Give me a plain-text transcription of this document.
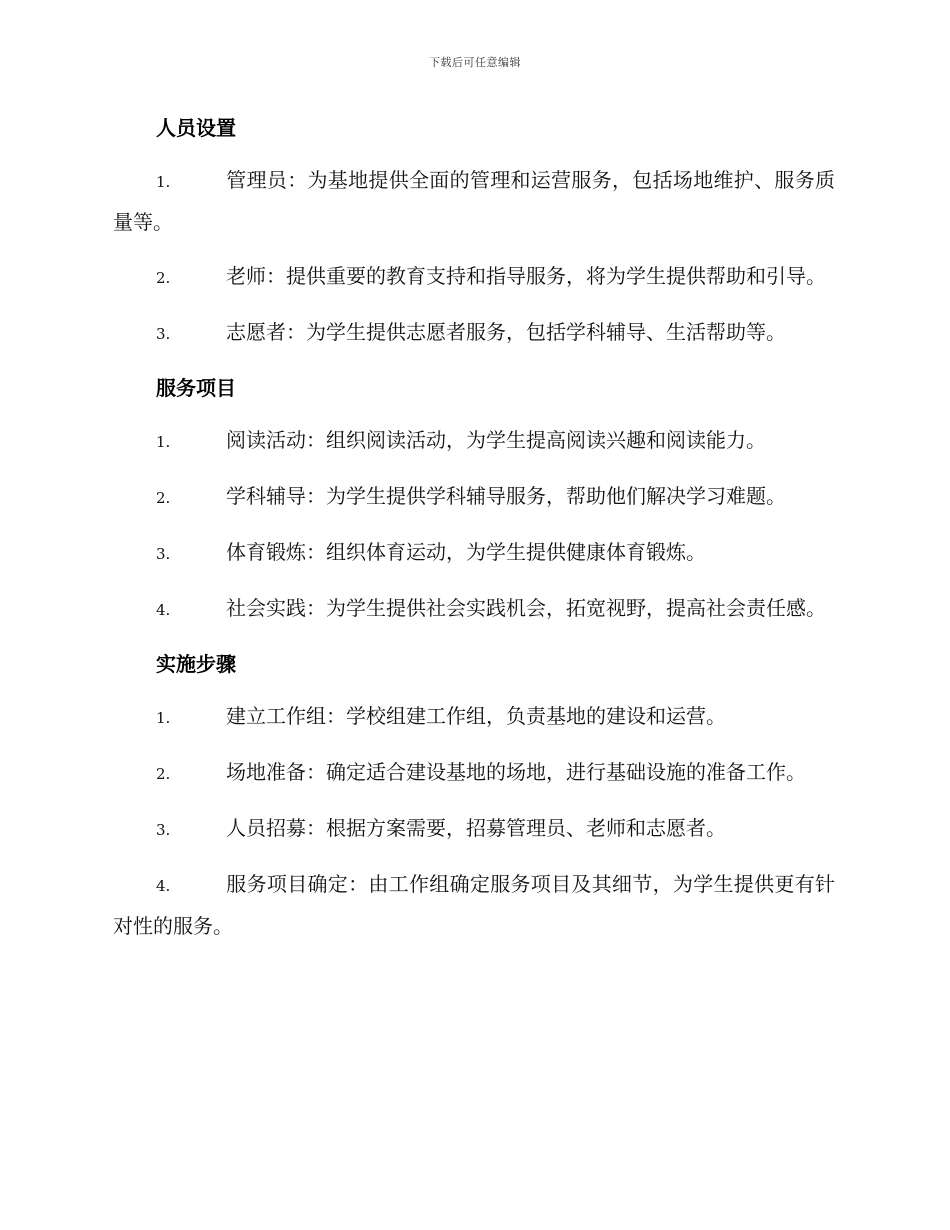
下载后可任意编辑
人员设置

1.	管理员：为基地提供全面的管理和运营服务，包括场地维护、服务质量等。

2.	老师：提供重要的教育支持和指导服务，将为学生提供帮助和引导。

3.	志愿者：为学生提供志愿者服务，包括学科辅导、生活帮助等。

服务项目

1.	阅读活动：组织阅读活动，为学生提高阅读兴趣和阅读能力。

2.	学科辅导：为学生提供学科辅导服务，帮助他们解决学习难题。

3.	体育锻炼：组织体育运动，为学生提供健康体育锻炼。

4.	社会实践：为学生提供社会实践机会，拓宽视野，提高社会责任感。

实施步骤

1.	建立工作组：学校组建工作组，负责基地的建设和运营。

2.	场地准备：确定适合建设基地的场地，进行基础设施的准备工作。

3.	人员招募：根据方案需要，招募管理员、老师和志愿者。

4.	服务项目确定：由工作组确定服务项目及其细节，为学生提供更有针对性的服务。
